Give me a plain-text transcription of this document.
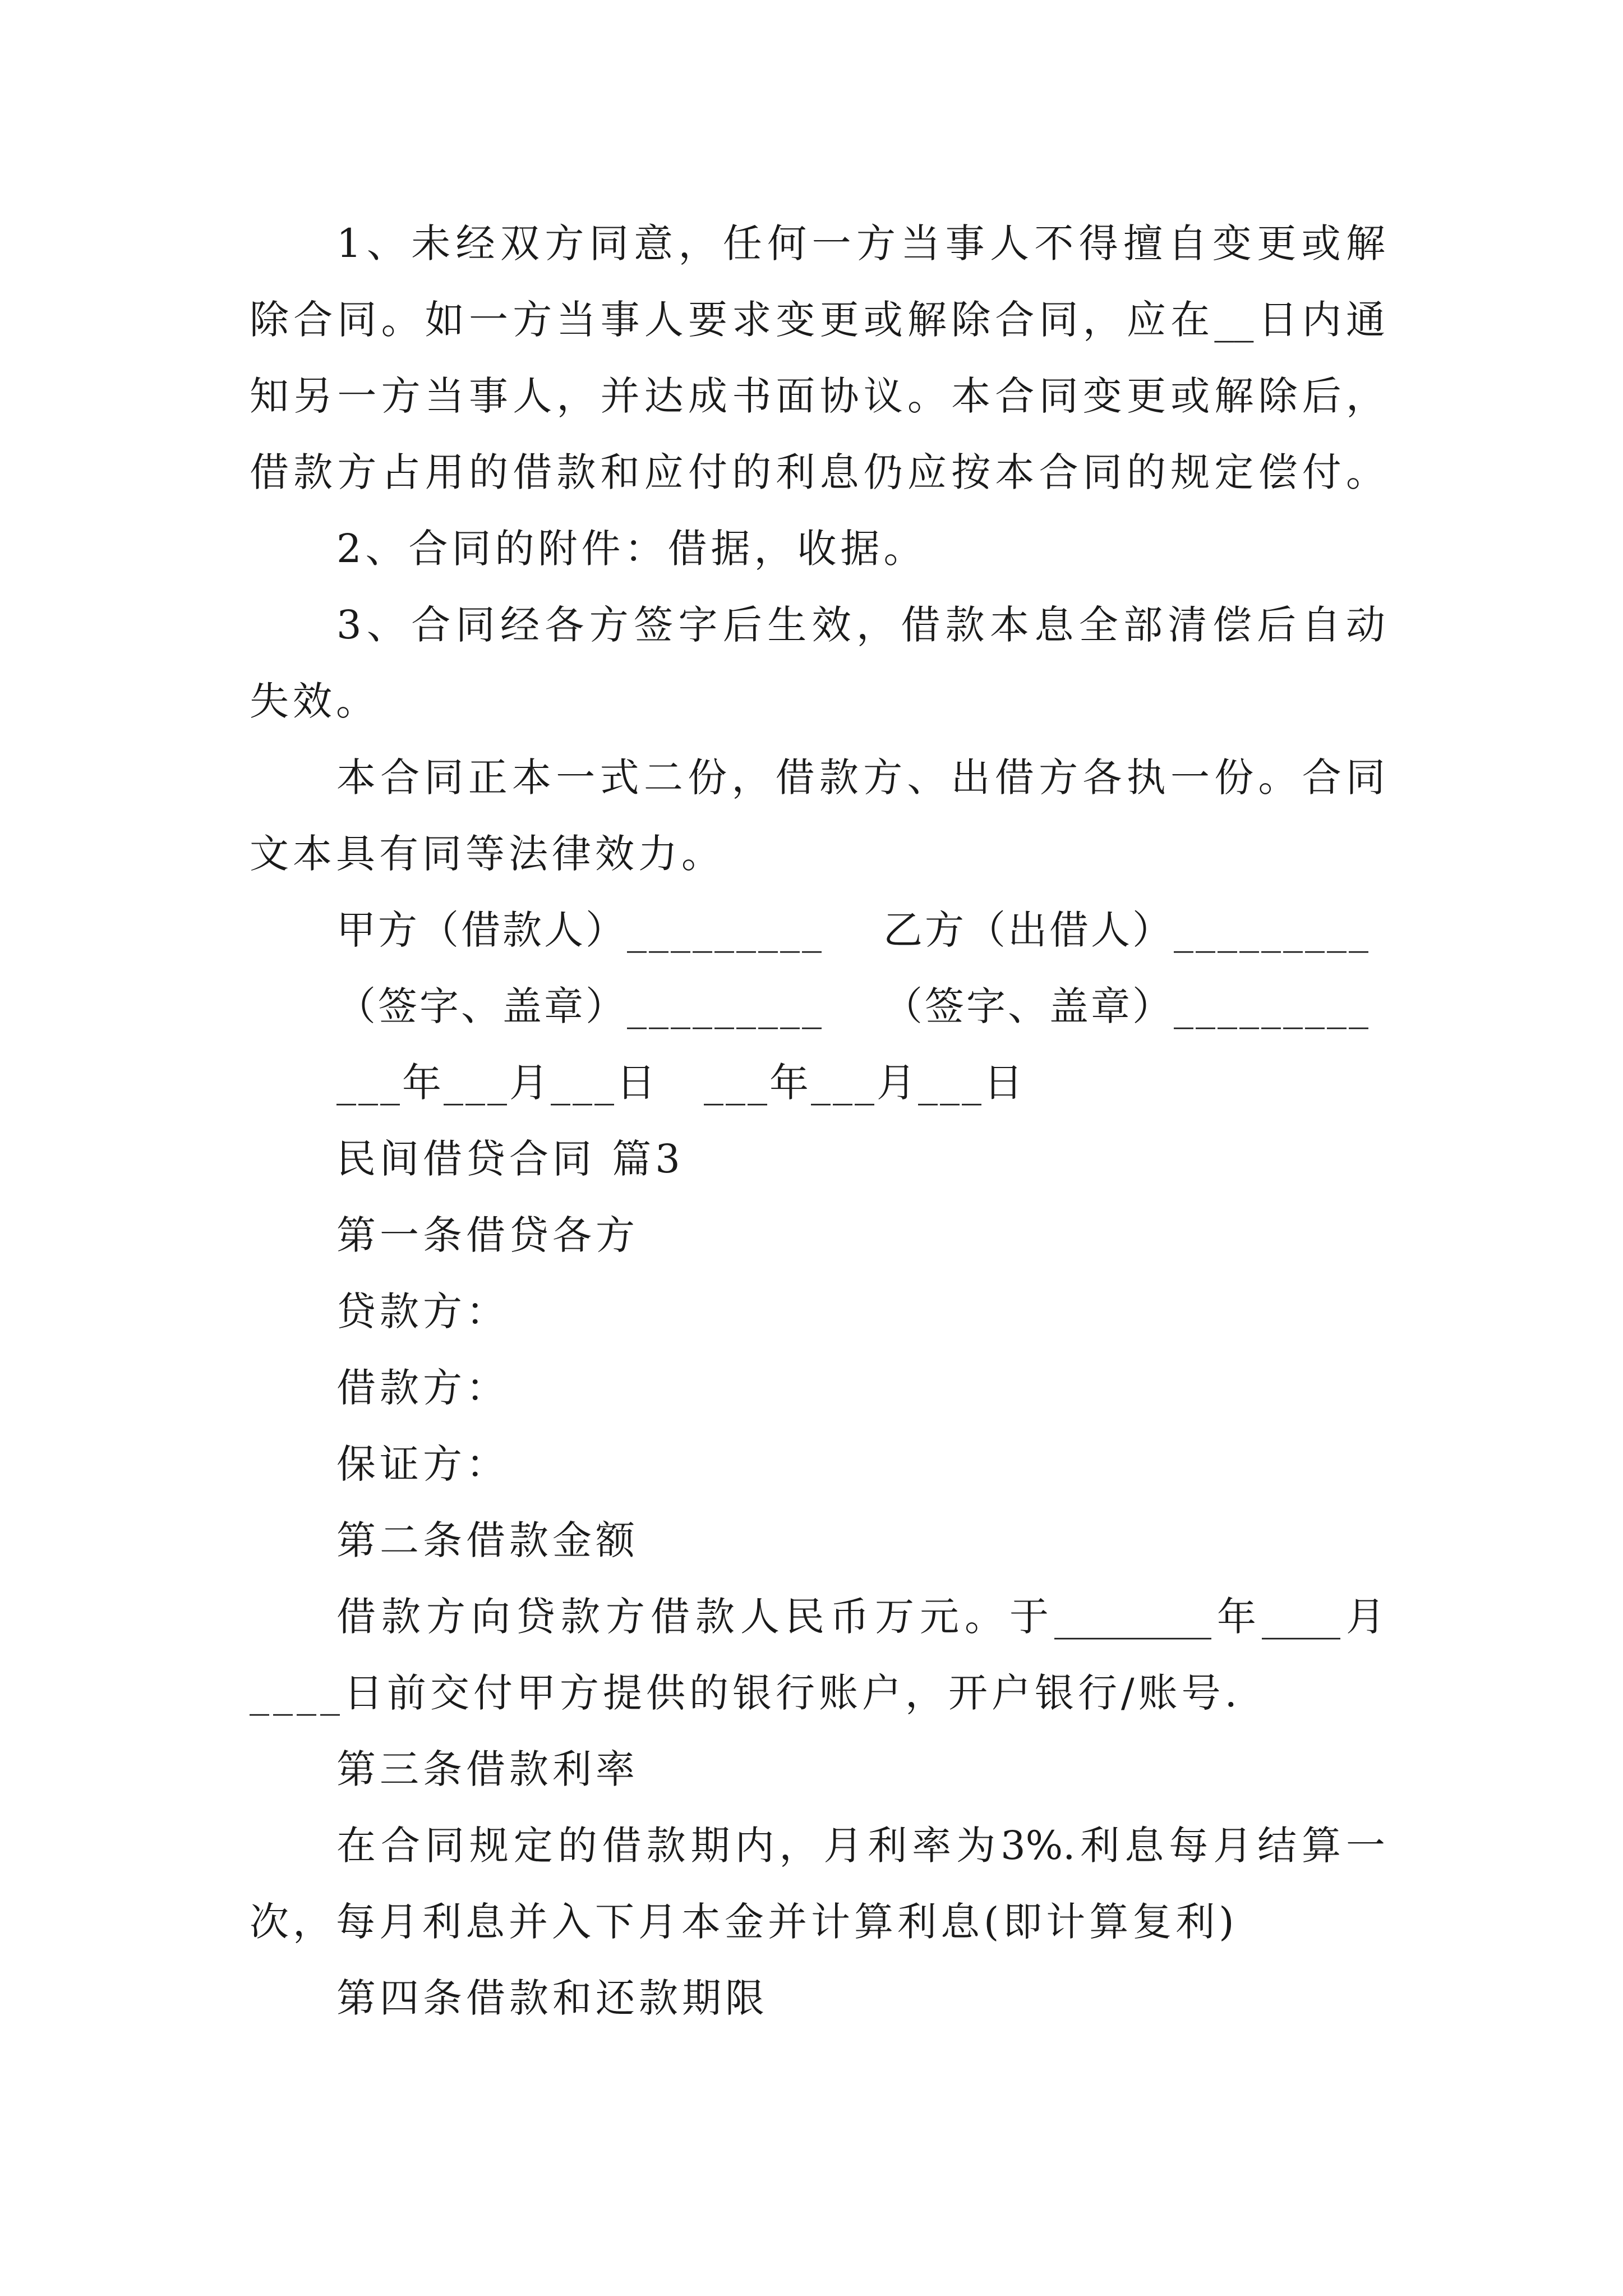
1、未经双方同意，任何一方当事人不得擅自变更或解
除合同。如一方当事人要求变更或解除合同，应在__日内通
知另一方当事人，并达成书面协议。本合同变更或解除后，
借款方占用的借款和应付的利息仍应按本合同的规定偿付。
2、合同的附件：借据，收据。
3、合同经各方签字后生效，借款本息全部清偿后自动
失效。
本合同正本一式二份，借款方、出借方各执一份。合同
文本具有同等法律效力。
甲方（借款人）_________ 乙方（出借人）_________
（签字、盖章）_________ （签字、盖章）_________
___年___月___日 ___年___月___日
民间借贷合同 篇3
第一条借贷各方
贷款方：
借款方：
保证方：
第二条借款金额
借款方向贷款方借款人民币万元。于________年____月
____日前交付甲方提供的银行账户，开户银行/账号.
第三条借款利率
在合同规定的借款期内，月利率为3%.利息每月结算一
次，每月利息并入下月本金并计算利息(即计算复利)
第四条借款和还款期限
